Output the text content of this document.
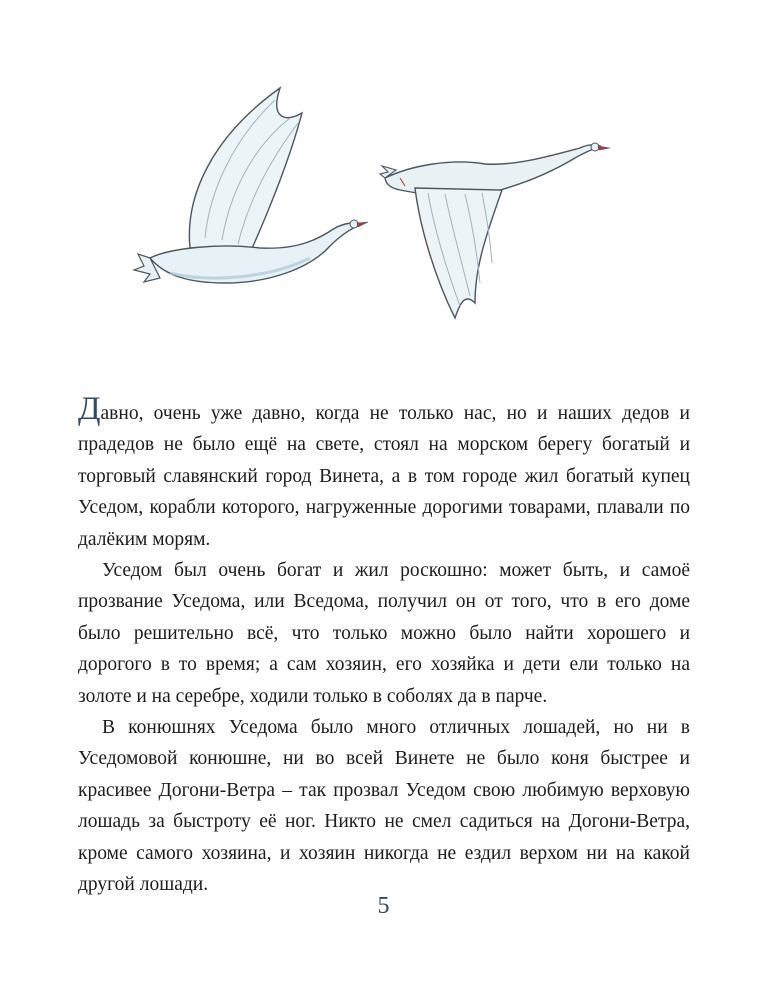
Давно, очень уже давно, когда не только нас, но и наших дедов и прадедов не было ещё на свете, стоял на морском берегу богатый и торговый славянский город Винета, а в том городе жил богатый купец Уседом, корабли которого, нагруженные дорогими товарами, плавали по далёким морям.

Уседом был очень богат и жил роскошно: может быть, и самоё прозвание Уседома, или Вседома, получил он от того, что в его доме было решительно всё, что только можно было найти хорошего и дорогого в то время; а сам хозяин, его хозяйка и дети ели только на золоте и на серебре, ходили только в соболях да в парче.

В конюшнях Уседома было много отличных лошадей, но ни в Уседомовой конюшне, ни во всей Винете не было коня быстрее и красивее Догони-Ветра – так прозвал Уседом свою любимую верховую лошадь за быстроту её ног. Никто не смел садиться на Догони-Ветра, кроме самого хозяина, и хозяин никогда не ездил верхом ни на какой другой лошади.

5
